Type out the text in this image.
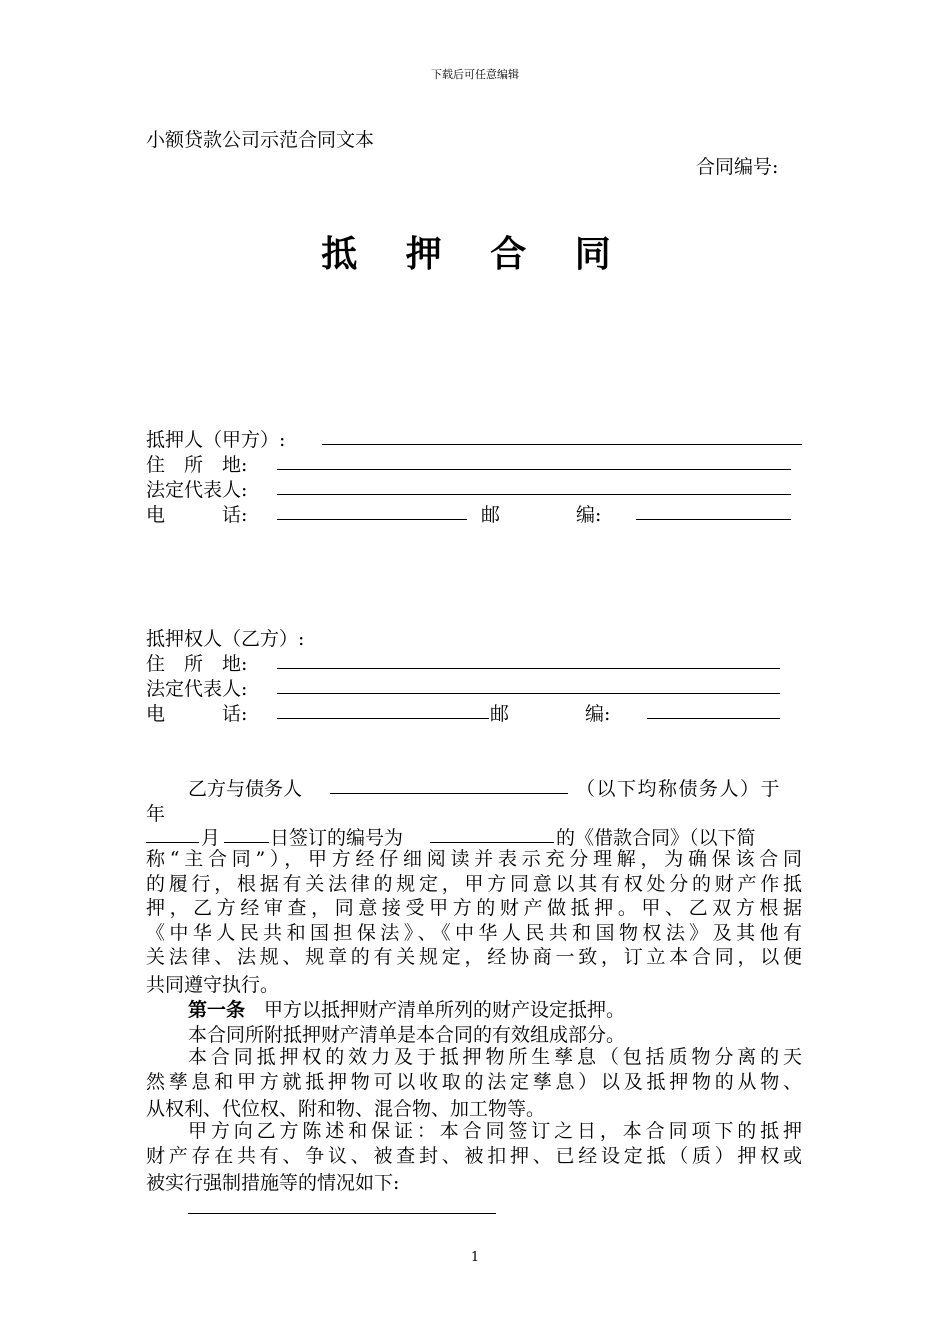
下载后可任意编辑
小额贷款公司示范合同文本
合同编号:
抵 押 合 同
抵押人（甲方）:
住　所　地:
法定代表人:
电　　　话:	邮　　　　编:
抵押权人（乙方）:
住　所　地:
法定代表人:
电　　　话:	邮　　　　编:
乙方与债务人	（以下均称债务人）于
年
月	日签订的编号为	的《借款合同》（以下简
称“主合同”），甲方经仔细阅读并表示充分理解，为确保该合同
的履行，根据有关法律的规定，甲方同意以其有权处分的财产作抵
押，乙方经审查，同意接受甲方的财产做抵押。甲、乙双方根据
《中华人民共和国担保法》、《中华人民共和国物权法》及其他有
关法律、法规、规章的有关规定，经协商一致，订立本合同，以便
共同遵守执行。
第一条　甲方以抵押财产清单所列的财产设定抵押。
本合同所附抵押财产清单是本合同的有效组成部分。
本合同抵押权的效力及于抵押物所生孳息（包括质物分离的天
然孳息和甲方就抵押物可以收取的法定孳息）以及抵押物的从物、
从权利、代位权、附和物、混合物、加工物等。
甲方向乙方陈述和保证：本合同签订之日，本合同项下的抵押
财产存在共有、争议、被查封、被扣押、已经设定抵（质）押权或
被实行强制措施等的情况如下:
1
